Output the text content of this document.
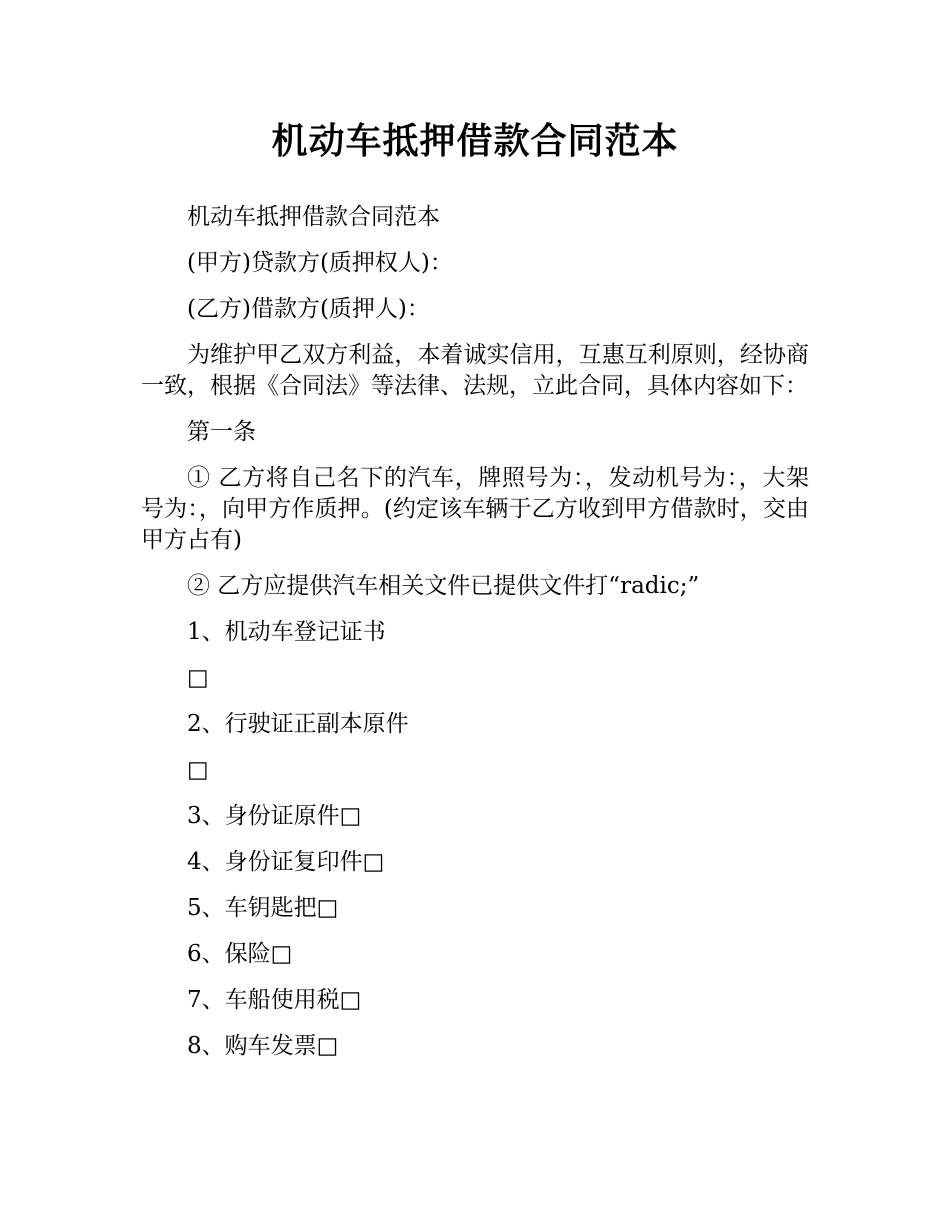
机动车抵押借款合同范本

机动车抵押借款合同范本

(甲方)贷款方(质押权人)：

(乙方)借款方(质押人)：

为维护甲乙双方利益，本着诚实信用，互惠互利原则，经协商一致，根据《合同法》等法律、法规，立此合同，具体内容如下：

第一条

① 乙方将自己名下的汽车，牌照号为：，发动机号为：，大架号为：，向甲方作质押。(约定该车辆于乙方收到甲方借款时，交由甲方占有)

② 乙方应提供汽车相关文件已提供文件打“radic;”

1、机动车登记证书

□

2、行驶证正副本原件

□

3、身份证原件□

4、身份证复印件□

5、车钥匙把□

6、保险□

7、车船使用税□

8、购车发票□
